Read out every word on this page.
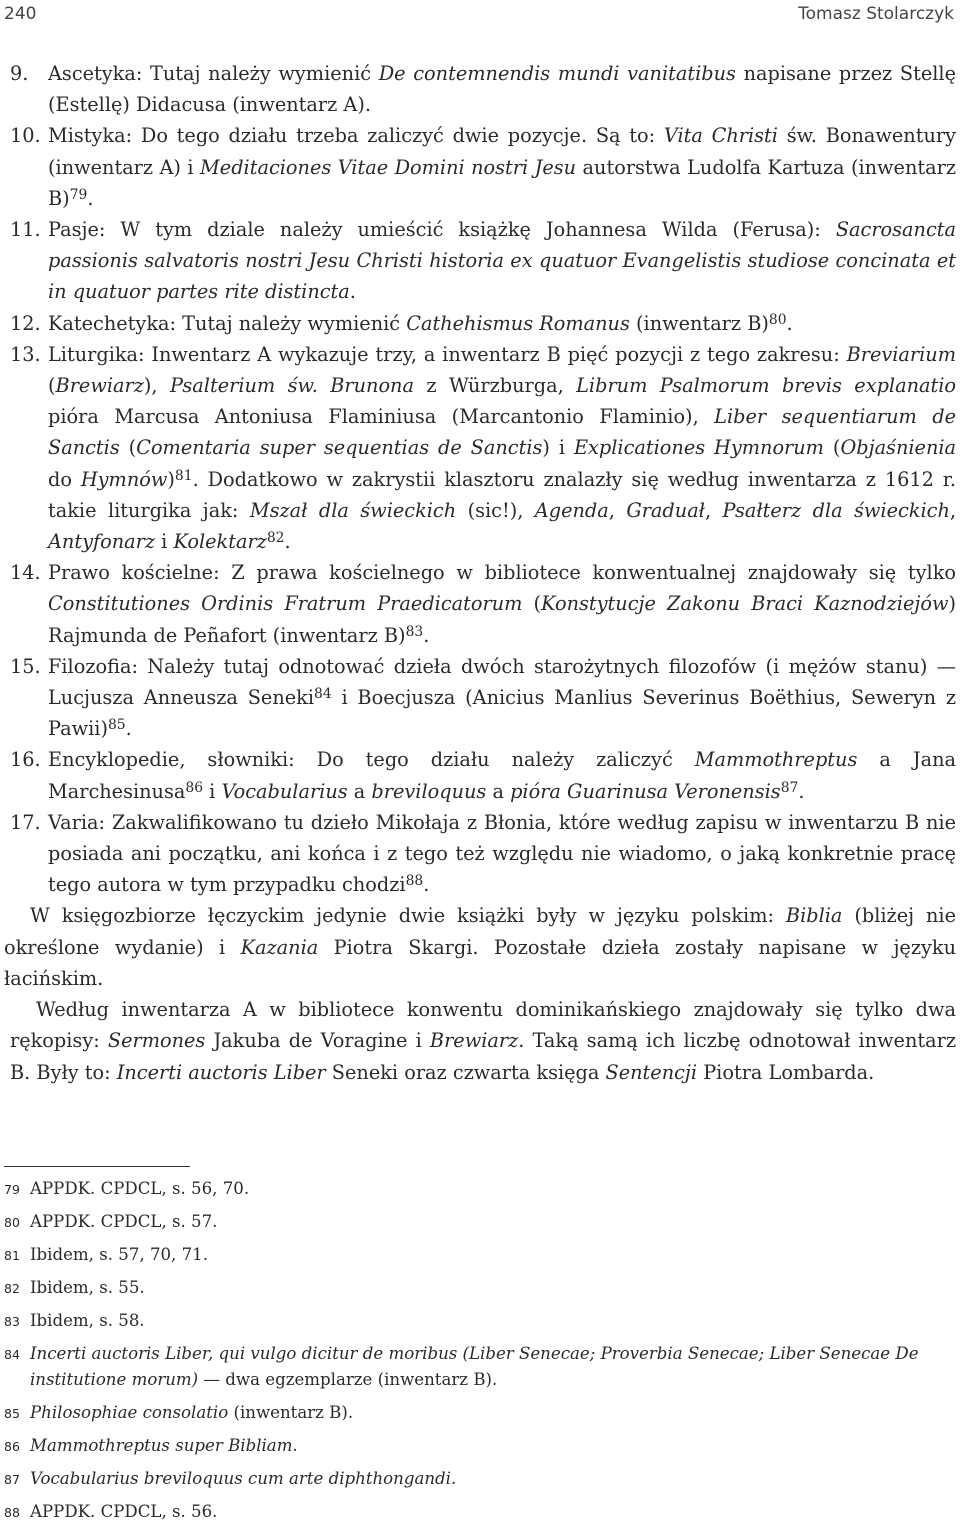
240	Tomasz Stolarczyk
9. Ascetyka: Tutaj należy wymienić De contemnendis mundi vanitatibus napisane przez Stellę (Estellę) Didacusa (inwentarz A).
10. Mistyka: Do tego działu trzeba zaliczyć dwie pozycje. Są to: Vita Christi św. Bonawentury (inwentarz A) i Meditaciones Vitae Domini nostri Jesu autorstwa Ludolfa Kartuza (inwentarz B)$^{79}$.
11. Pasje: W tym dziale należy umieścić książkę Johannesa Wilda (Ferusa): Sacrosancta passionis salvatoris nostri Jesu Christi historia ex quatuor Evangelistis studiose concinata et in quatuor partes rite distincta.
12. Katechetyka: Tutaj należy wymienić Cathehismus Romanus (inwentarz B)$^{80}$.
13. Liturgika: Inwentarz A wykazuje trzy, a inwentarz B pięć pozycji z tego zakresu: Breviarium (Brewiarz), Psalterium św. Brunona z Würzburga, Librum Psalmorum brevis explanatio pióra Marcusa Antoniusa Flaminiusa (Marcantonio Flaminio), Liber sequentiarum de Sanctis (Comentaria super sequentias de Sanctis) i Explicationes Hymnorum (Objaśnienia do Hymnów)$^{81}$. Dodatkowo w zakrystii klasztoru znalazły się według inwentarza z 1612 r. takie liturgika jak: Mszał dla świeckich (sic!), Agenda, Graduał, Psałterz dla świeckich, Antyfonarz i Kolektarz$^{82}$.
14. Prawo kościelne: Z prawa kościelnego w bibliotece konwentualnej znajdowały się tylko Constitutiones Ordinis Fratrum Praedicatorum (Konstytucje Zakonu Braci Kaznodziejów) Rajmunda de Peñafort (inwentarz B)$^{83}$.
15. Filozofia: Należy tutaj odnotować dzieła dwóch starożytnych filozofów (i mężów stanu) — Lucjusza Anneusza Seneki$^{84}$ i Boecjusza (Anicius Manlius Severinus Boëthius, Seweryn z Pawii)$^{85}$.
16. Encyklopedie, słowniki: Do tego działu należy zaliczyć Mammothreptus a Jana Marchesinusa$^{86}$ i Vocabularius a breviloquus a pióra Guarinusa Veronensis$^{87}$.
17. Varia: Zakwalifikowano tu dzieło Mikołaja z Błonia, które według zapisu w inwentarzu B nie posiada ani początku, ani końca i z tego też względu nie wiadomo, o jaką konkretnie pracę tego autora w tym przypadku chodzi$^{88}$.

W księgozbiorze łęczyckim jedynie dwie książki były w języku polskim: Biblia (bliżej nie określone wydanie) i Kazania Piotra Skargi. Pozostałe dzieła zostały napisane w języku łacińskim.

Według inwentarza A w bibliotece konwentu dominikańskiego znajdowały się tylko dwa rękopisy: Sermones Jakuba de Voragine i Brewiarz. Taką samą ich liczbę odnotował inwentarz B. Były to: Incerti auctoris Liber Seneki oraz czwarta księga Sentencji Piotra Lombarda.

79 APPDK. CPDCL, s. 56, 70.
80 APPDK. CPDCL, s. 57.
81 Ibidem, s. 57, 70, 71.
82 Ibidem, s. 55.
83 Ibidem, s. 58.
84 Incerti auctoris Liber, qui vulgo dicitur de moribus (Liber Senecae; Proverbia Senecae; Liber Senecae De institutione morum) — dwa egzemplarze (inwentarz B).
85 Philosophiae consolatio (inwentarz B).
86 Mammothreptus super Bibliam.
87 Vocabularius breviloquus cum arte diphthongandi.
88 APPDK. CPDCL, s. 56.
